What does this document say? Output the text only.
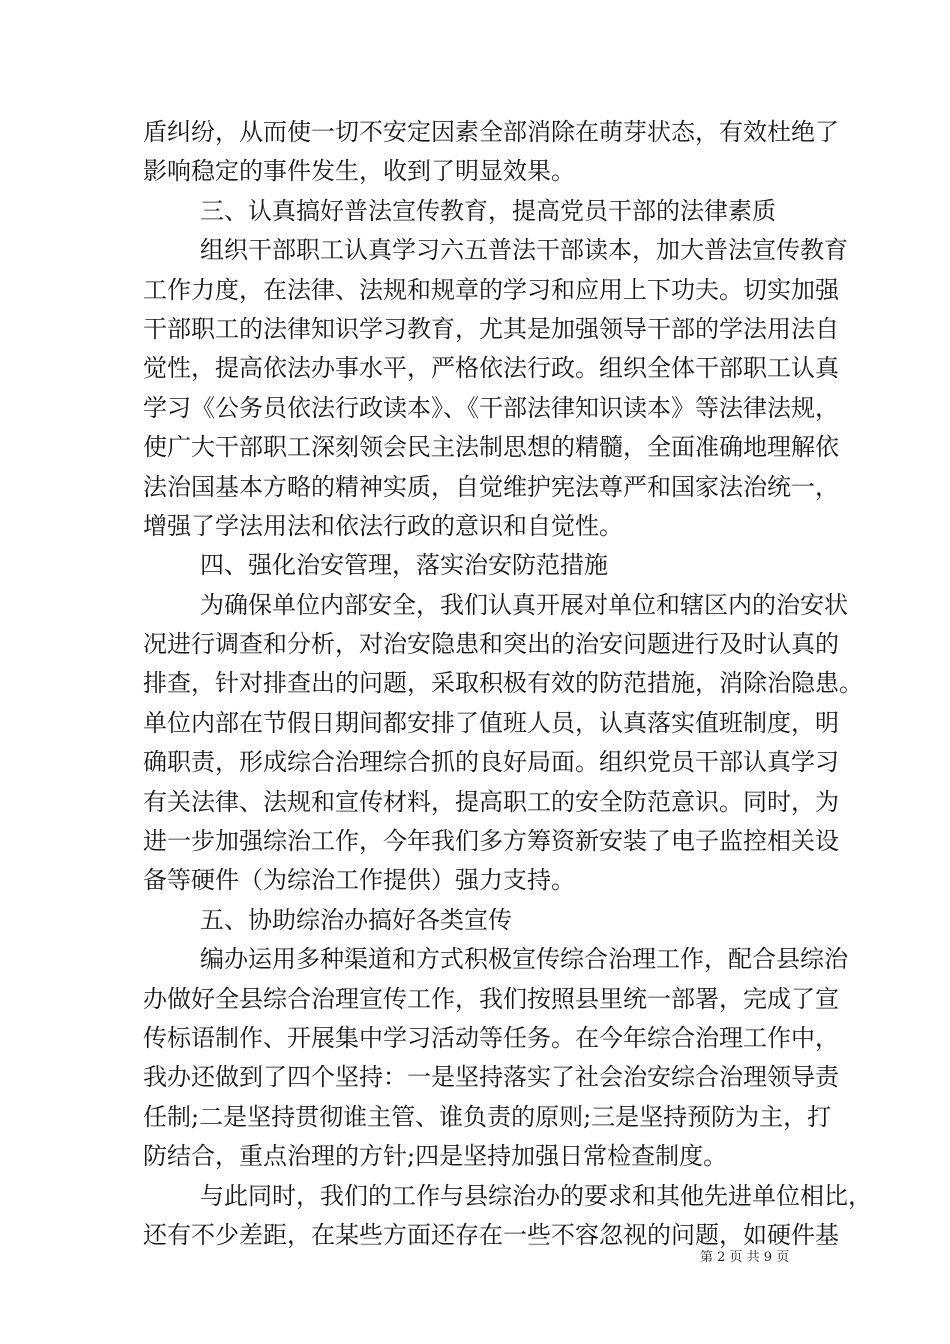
盾纠纷，从而使一切不安定因素全部消除在萌芽状态，有效杜绝了
影响稳定的事件发生，收到了明显效果。
三、认真搞好普法宣传教育，提高党员干部的法律素质
组织干部职工认真学习六五普法干部读本，加大普法宣传教育
工作力度，在法律、法规和规章的学习和应用上下功夫。切实加强
干部职工的法律知识学习教育，尤其是加强领导干部的学法用法自
觉性，提高依法办事水平，严格依法行政。组织全体干部职工认真
学习《公务员依法行政读本》、《干部法律知识读本》等法律法规，
使广大干部职工深刻领会民主法制思想的精髓，全面准确地理解依
法治国基本方略的精神实质，自觉维护宪法尊严和国家法治统一，
增强了学法用法和依法行政的意识和自觉性。
四、强化治安管理，落实治安防范措施
为确保单位内部安全，我们认真开展对单位和辖区内的治安状
况进行调查和分析，对治安隐患和突出的治安问题进行及时认真的
排查，针对排查出的问题，采取积极有效的防范措施，消除治隐患。
单位内部在节假日期间都安排了值班人员，认真落实值班制度，明
确职责，形成综合治理综合抓的良好局面。组织党员干部认真学习
有关法律、法规和宣传材料，提高职工的安全防范意识。同时，为
进一步加强综治工作，今年我们多方筹资新安装了电子监控相关设
备等硬件（为综治工作提供）强力支持。
五、协助综治办搞好各类宣传
编办运用多种渠道和方式积极宣传综合治理工作，配合县综治
办做好全县综合治理宣传工作，我们按照县里统一部署，完成了宣
传标语制作、开展集中学习活动等任务。在今年综合治理工作中，
我办还做到了四个坚持：一是坚持落实了社会治安综合治理领导责
任制;二是坚持贯彻谁主管、谁负责的原则;三是坚持预防为主，打
防结合，重点治理的方针;四是坚持加强日常检查制度。
与此同时，我们的工作与县综治办的要求和其他先进单位相比，
还有不少差距，在某些方面还存在一些不容忽视的问题，如硬件基
第 2 页 共 9 页
